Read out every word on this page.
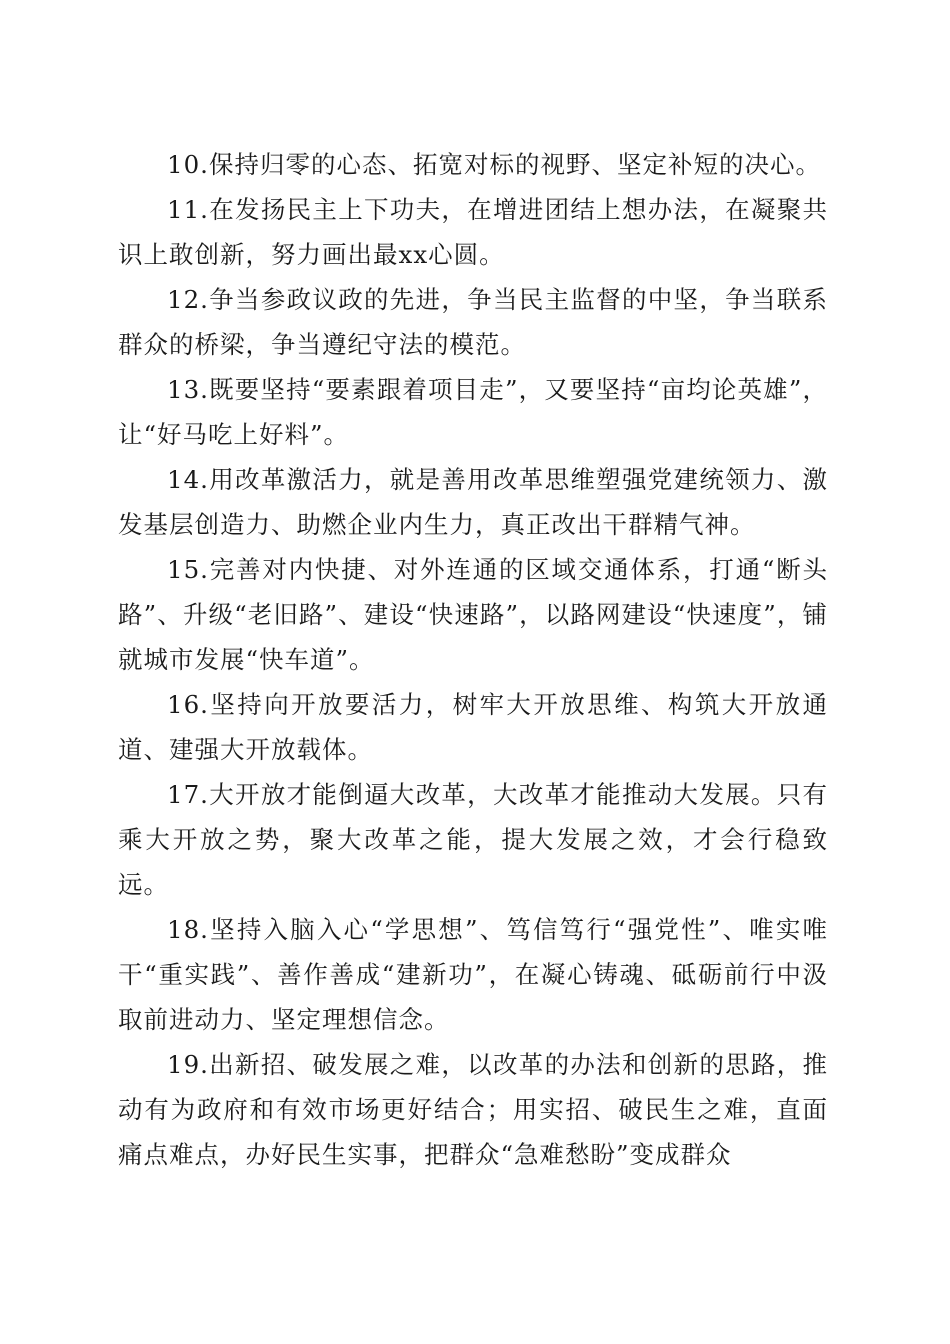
10.保持归零的心态、拓宽对标的视野、坚定补短的决心。

11.在发扬民主上下功夫，在增进团结上想办法，在凝聚共识上敢创新，努力画出最xx心圆。

12.争当参政议政的先进，争当民主监督的中坚，争当联系群众的桥梁，争当遵纪守法的模范。

13.既要坚持“要素跟着项目走”，又要坚持“亩均论英雄”，让“好马吃上好料”。

14.用改革激活力，就是善用改革思维塑强党建统领力、激发基层创造力、助燃企业内生力，真正改出干群精气神。

15.完善对内快捷、对外连通的区域交通体系，打通“断头路”、升级“老旧路”、建设“快速路”，以路网建设“快速度”，铺就城市发展“快车道”。

16.坚持向开放要活力，树牢大开放思维、构筑大开放通道、建强大开放载体。

17.大开放才能倒逼大改革，大改革才能推动大发展。只有乘大开放之势，聚大改革之能，提大发展之效，才会行稳致远。

18.坚持入脑入心“学思想”、笃信笃行“强党性”、唯实唯干“重实践”、善作善成“建新功”，在凝心铸魂、砥砺前行中汲取前进动力、坚定理想信念。

19.出新招、破发展之难，以改革的办法和创新的思路，推动有为政府和有效市场更好结合；用实招、破民生之难，直面痛点难点，办好民生实事，把群众“急难愁盼”变成群众
